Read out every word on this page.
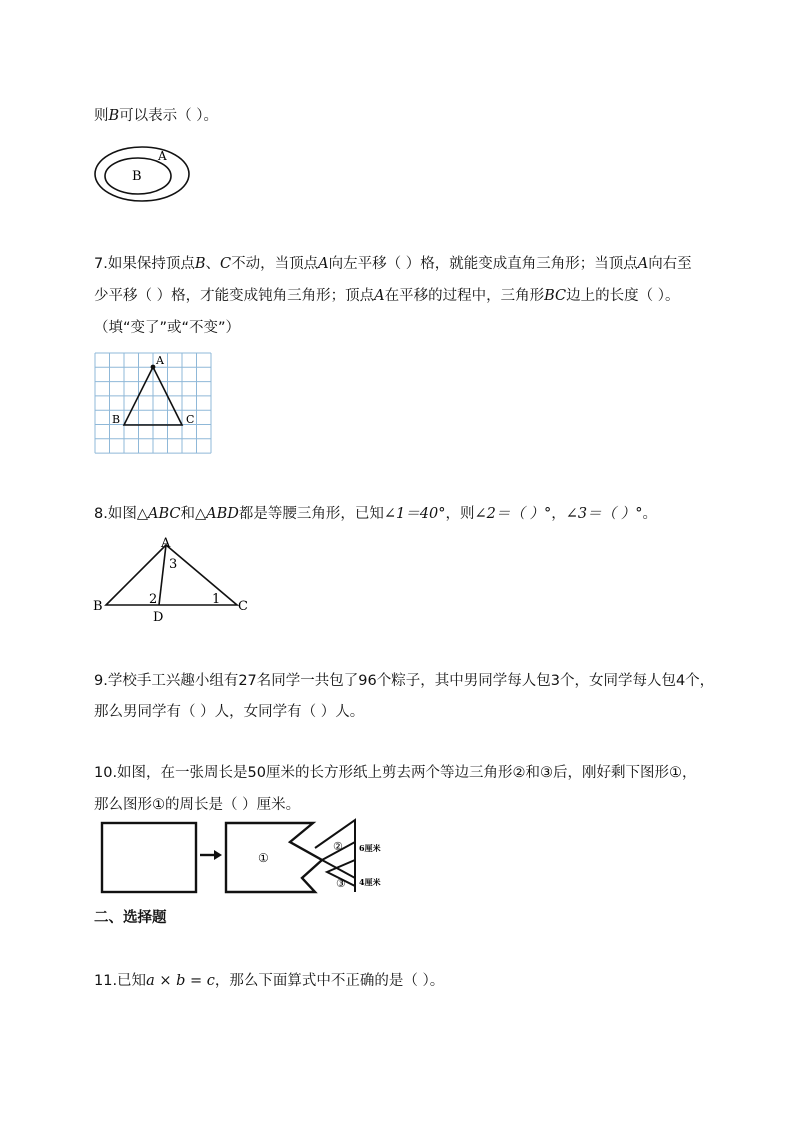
则B可以表示（ ）。
A
B
7.如果保持顶点B、C不动，当顶点A向左平移（ ）格，就能变成直角三角形；当顶点A向右至
少平移（ ）格，才能变成钝角三角形；顶点A在平移的过程中，三角形BC边上的长度（ ）。
（填“变了”或“不变”）
A
B	C
8.如图△ABC和△ABD都是等腰三角形，已知∠1＝40°，则∠2＝（ ）°，∠3＝（ ）°。
A
B	C
D
1
2
3
9.学校手工兴趣小组有27名同学一共包了96个粽子，其中男同学每人包3个，女同学每人包4个，
那么男同学有（ ）人，女同学有（ ）人。
10.如图，在一张周长是50厘米的长方形纸上剪去两个等边三角形②和③后，刚好剩下图形①，
那么图形①的周长是（ ）厘米。
①
②
③
6厘米
4厘米
二、选择题
11.已知a × b = c，那么下面算式中不正确的是（ ）。
